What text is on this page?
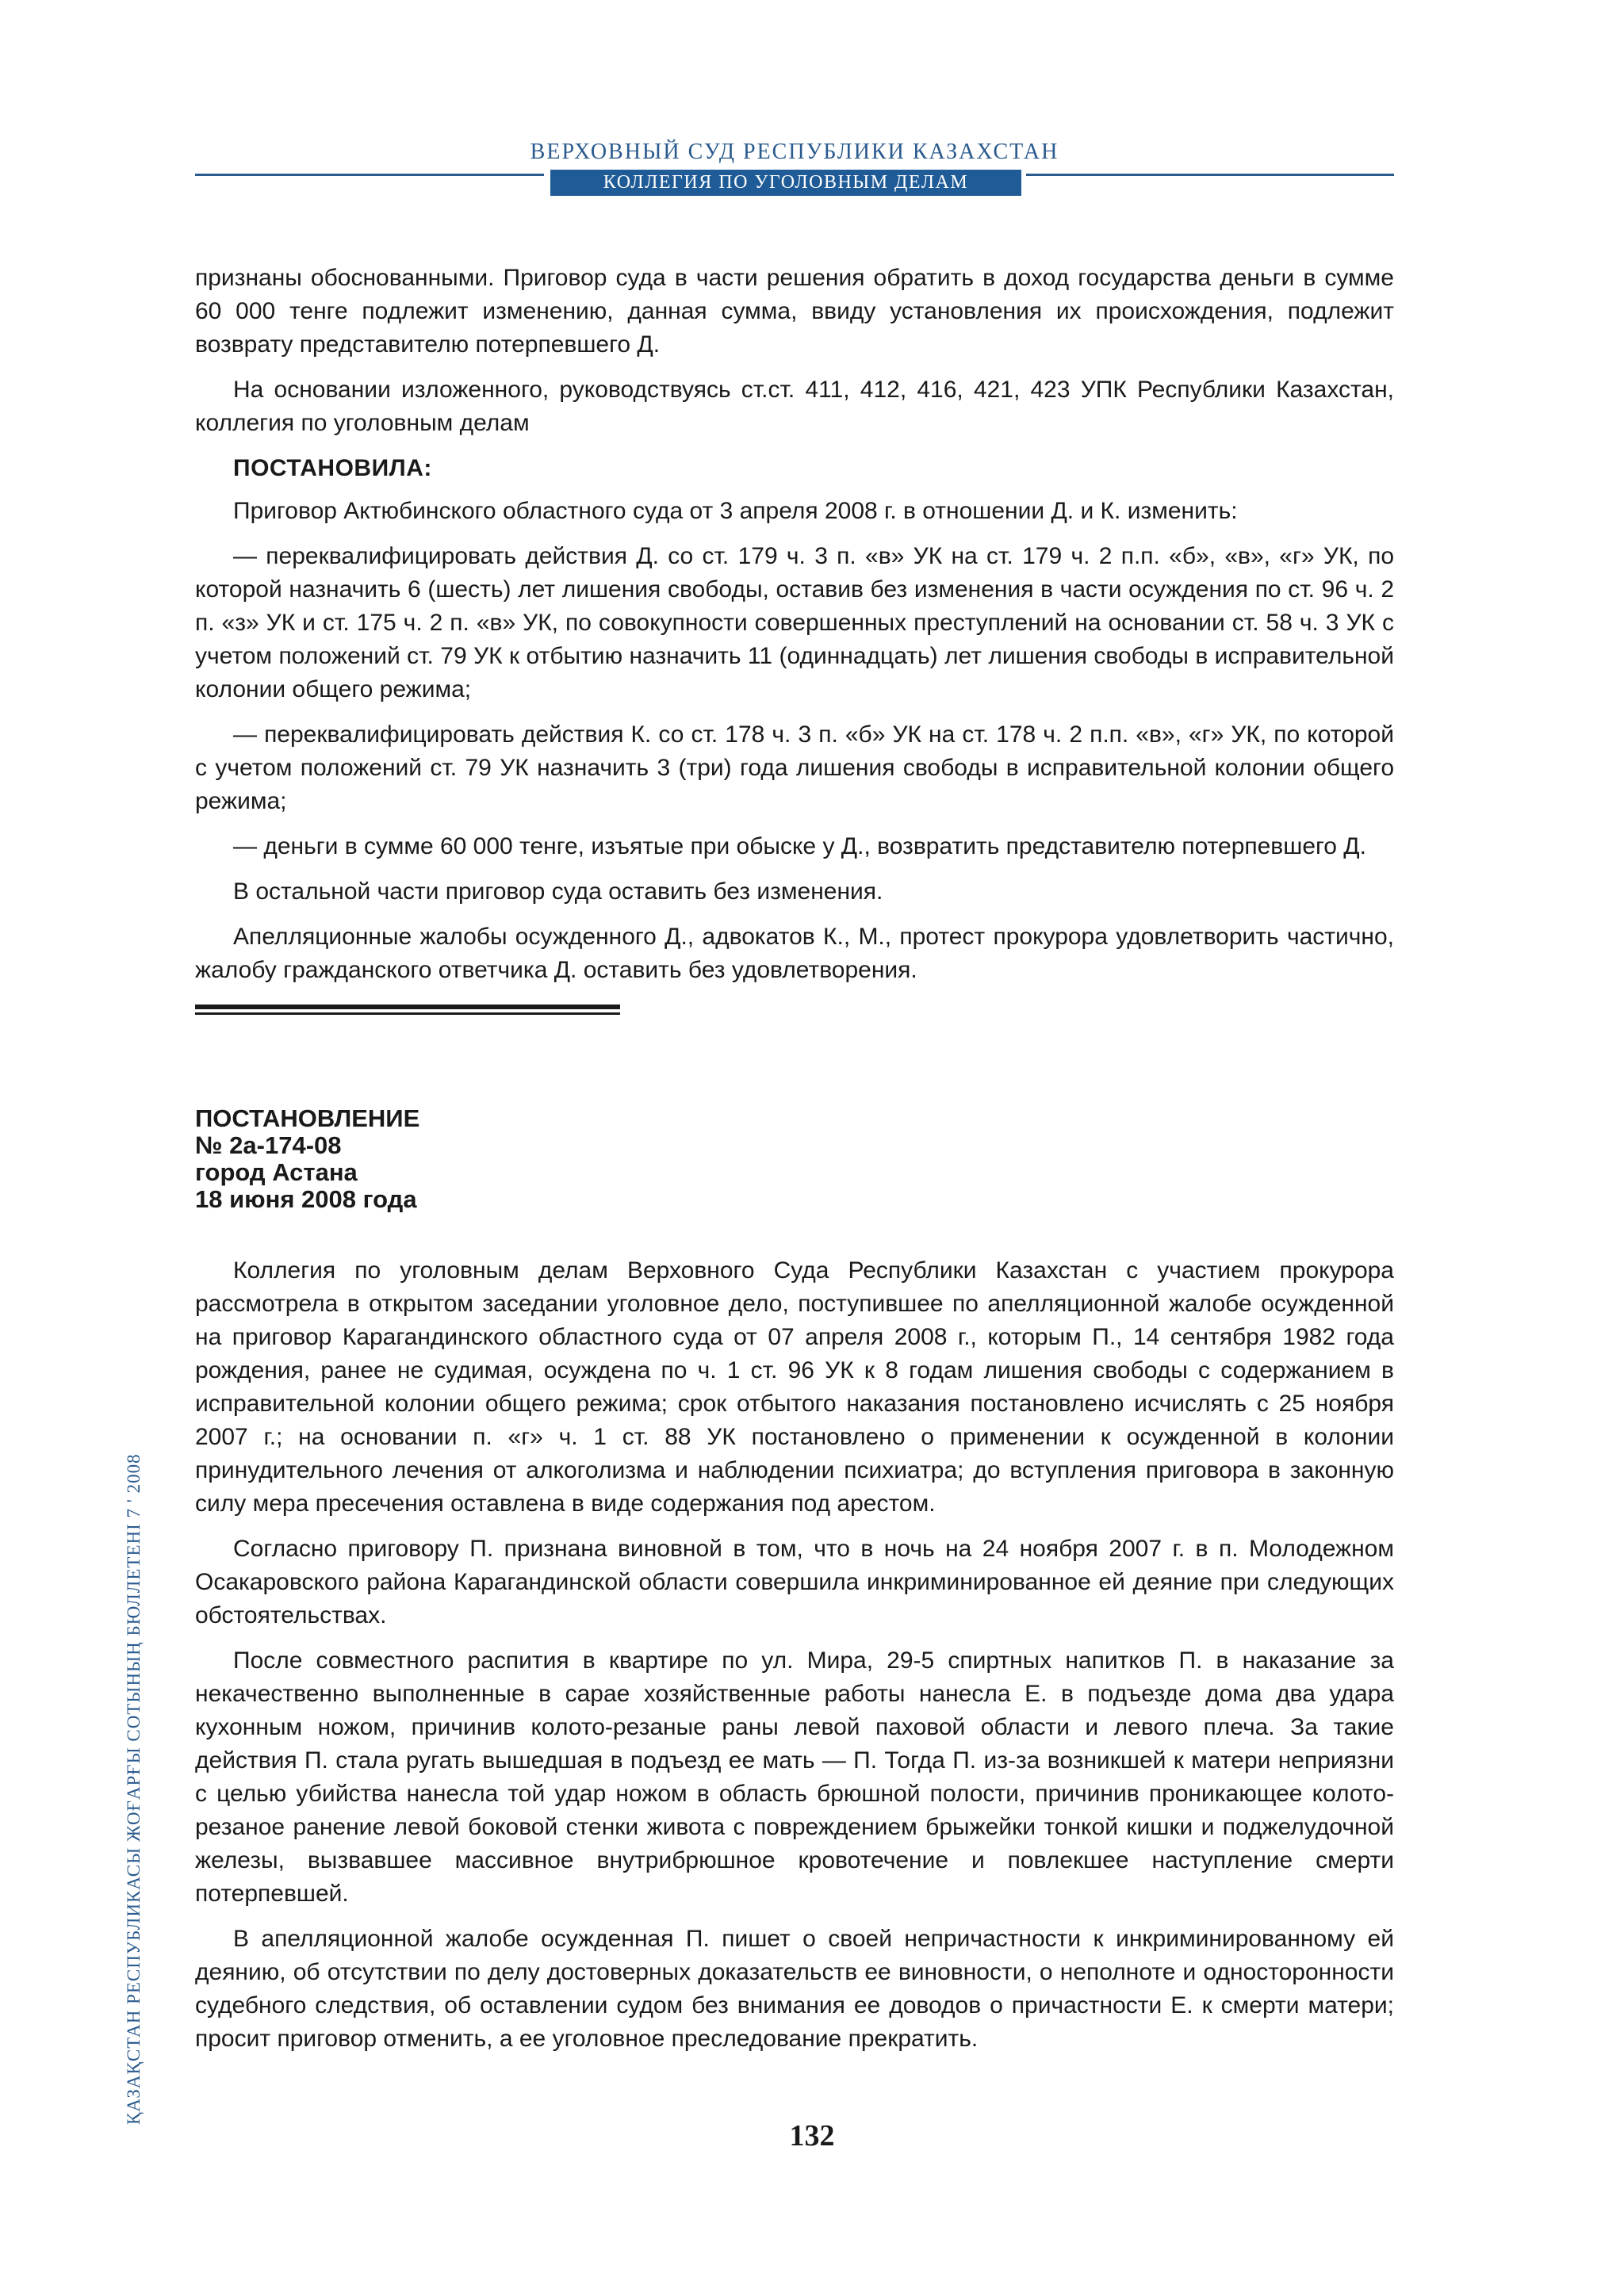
ВЕРХОВНЫЙ СУД РЕСПУБЛИКИ КАЗАХСТАН
КОЛЛЕГИЯ ПО УГОЛОВНЫМ ДЕЛАМ

признаны обоснованными. Приговор суда в части решения обратить в доход государства деньги в сумме 60 000 тенге подлежит изменению, данная сумма, ввиду установления их происхождения, подлежит возврату представителю потерпевшего Д.

На основании изложенного, руководствуясь ст.ст. 411, 412, 416, 421, 423 УПК Республики Казахстан, коллегия по уголовным делам

ПОСТАНОВИЛА:

Приговор Актюбинского областного суда от 3 апреля 2008 г. в отношении Д. и К. изменить:

— переквалифицировать действия Д. со ст. 179 ч. 3 п. «в» УК на ст. 179 ч. 2 п.п. «б», «в», «г» УК, по которой назначить 6 (шесть) лет лишения свободы, оставив без изменения в части осуждения по ст. 96 ч. 2 п. «з» УК и ст. 175 ч. 2 п. «в» УК, по совокупности совершенных преступлений на основании ст. 58 ч. 3 УК с учетом положений ст. 79 УК к отбытию назначить 11 (одиннадцать) лет лишения свободы в исправительной колонии общего режима;

— переквалифицировать действия К. со ст. 178 ч. 3 п. «б» УК на ст. 178 ч. 2 п.п. «в», «г» УК, по которой с учетом положений ст. 79 УК назначить 3 (три) года лишения свободы в исправительной колонии общего режима;

— деньги в сумме 60 000 тенге, изъятые при обыске у Д., возвратить представителю потерпевшего Д.

В остальной части приговор суда оставить без изменения.

Апелляционные жалобы осужденного Д., адвокатов К., М., протест прокурора удовлетворить частично, жалобу гражданского ответчика Д. оставить без удовлетворения.

ПОСТАНОВЛЕНИЕ

№ 2а-174-08

город Астана

18 июня 2008 года

Коллегия по уголовным делам Верховного Суда Республики Казахстан с участием прокурора рассмотрела в открытом заседании уголовное дело, поступившее по апелляционной жалобе осужденной на приговор Карагандинского областного суда от 07 апреля 2008 г., которым П., 14 сентября 1982 года рождения, ранее не судимая, осуждена по ч. 1 ст. 96 УК к 8 годам лишения свободы с содержанием в исправительной колонии общего режима; срок отбытого наказания постановлено исчислять с 25 ноября 2007 г.; на основании п. «г» ч. 1 ст. 88 УК постановлено о применении к осужденной в колонии принудительного лечения от алкоголизма и наблюдении психиатра; до вступления приговора в законную силу мера пресечения оставлена в виде содержания под арестом.

Согласно приговору П. признана виновной в том, что в ночь на 24 ноября 2007 г. в п. Молодежном Осакаровского района Карагандинской области совершила инкриминированное ей деяние при следующих обстоятельствах.

После совместного распития в квартире по ул. Мира, 29-5 спиртных напитков П. в наказание за некачественно выполненные в сарае хозяйственные работы нанесла Е. в подъезде дома два удара кухонным ножом, причинив колото-резаные раны левой паховой области и левого плеча. За такие действия П. стала ругать вышедшая в подъезд ее мать — П. Тогда П. из-за возникшей к матери неприязни с целью убийства нанесла той удар ножом в область брюшной полости, причинив проникающее колото-резаное ранение левой боковой стенки живота с повреждением брыжейки тонкой кишки и поджелудочной железы, вызвавшее массивное внутрибрюшное кровотечение и повлекшее наступление смерти потерпевшей.

В апелляционной жалобе осужденная П. пишет о своей непричастности к инкриминированному ей деянию, об отсутствии по делу достоверных доказательств ее виновности, о неполноте и односторонности судебного следствия, об оставлении судом без внимания ее доводов о причастности Е. к смерти матери; просит приговор отменить, а ее уголовное преследование прекратить.

ҚАЗАҚСТАН РЕСПУБЛИКАСЫ ЖОҒАРҒЫ СОТЫНЫҢ БЮЛЛЕТЕНІ 7 ' 2008
132
